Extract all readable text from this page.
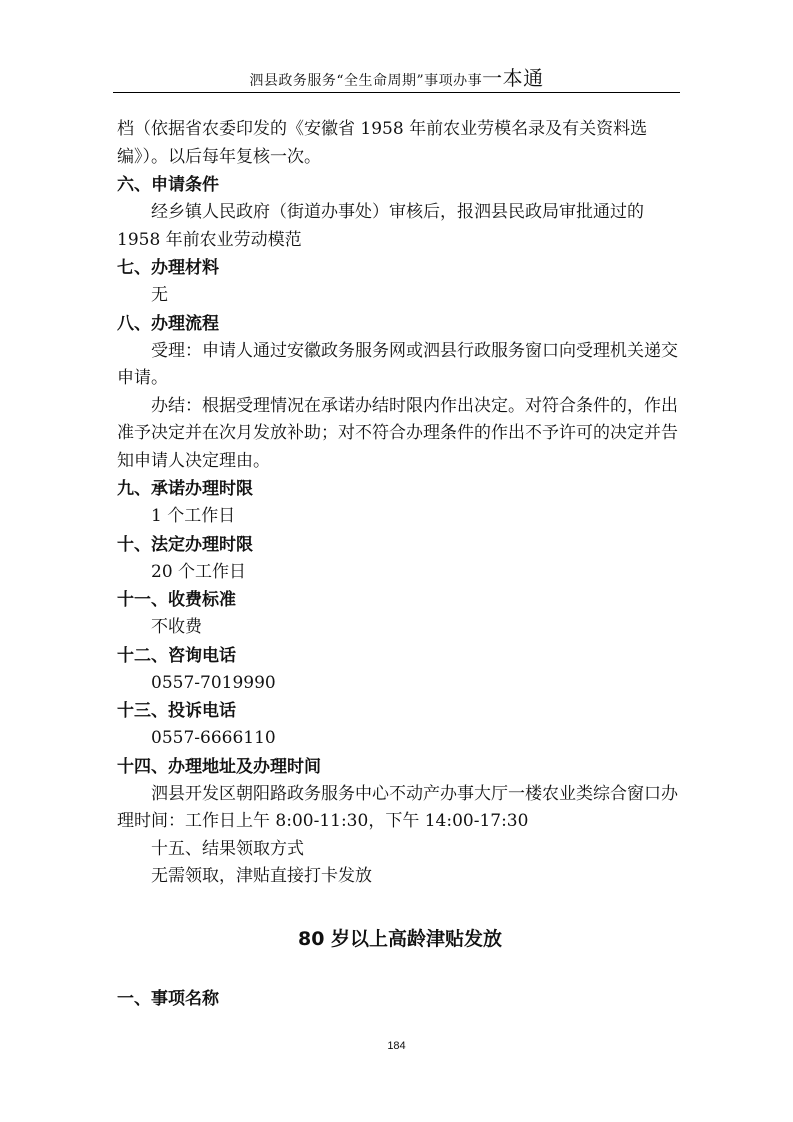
泗县政务服务“全生命周期”事项办事一本通

档（依据省农委印发的《安徽省 1958 年前农业劳模名录及有关资料选编》）。以后每年复核一次。

六、申请条件

经乡镇人民政府（街道办事处）审核后，报泗县民政局审批通过的 1958 年前农业劳动模范

七、办理材料

无

八、办理流程

受理：申请人通过安徽政务服务网或泗县行政服务窗口向受理机关递交申请。

办结：根据受理情况在承诺办结时限内作出决定。对符合条件的，作出准予决定并在次月发放补助；对不符合办理条件的作出不予许可的决定并告知申请人决定理由。

九、承诺办理时限

1 个工作日

十、法定办理时限

20 个工作日

十一、收费标准

不收费

十二、咨询电话

0557-7019990

十三、投诉电话

0557-6666110

十四、办理地址及办理时间

泗县开发区朝阳路政务服务中心不动产办事大厅一楼农业类综合窗口办理时间：工作日上午 8:00-11:30，下午 14:00-17:30

十五、结果领取方式

无需领取，津贴直接打卡发放

80 岁以上高龄津贴发放

一、事项名称

184
